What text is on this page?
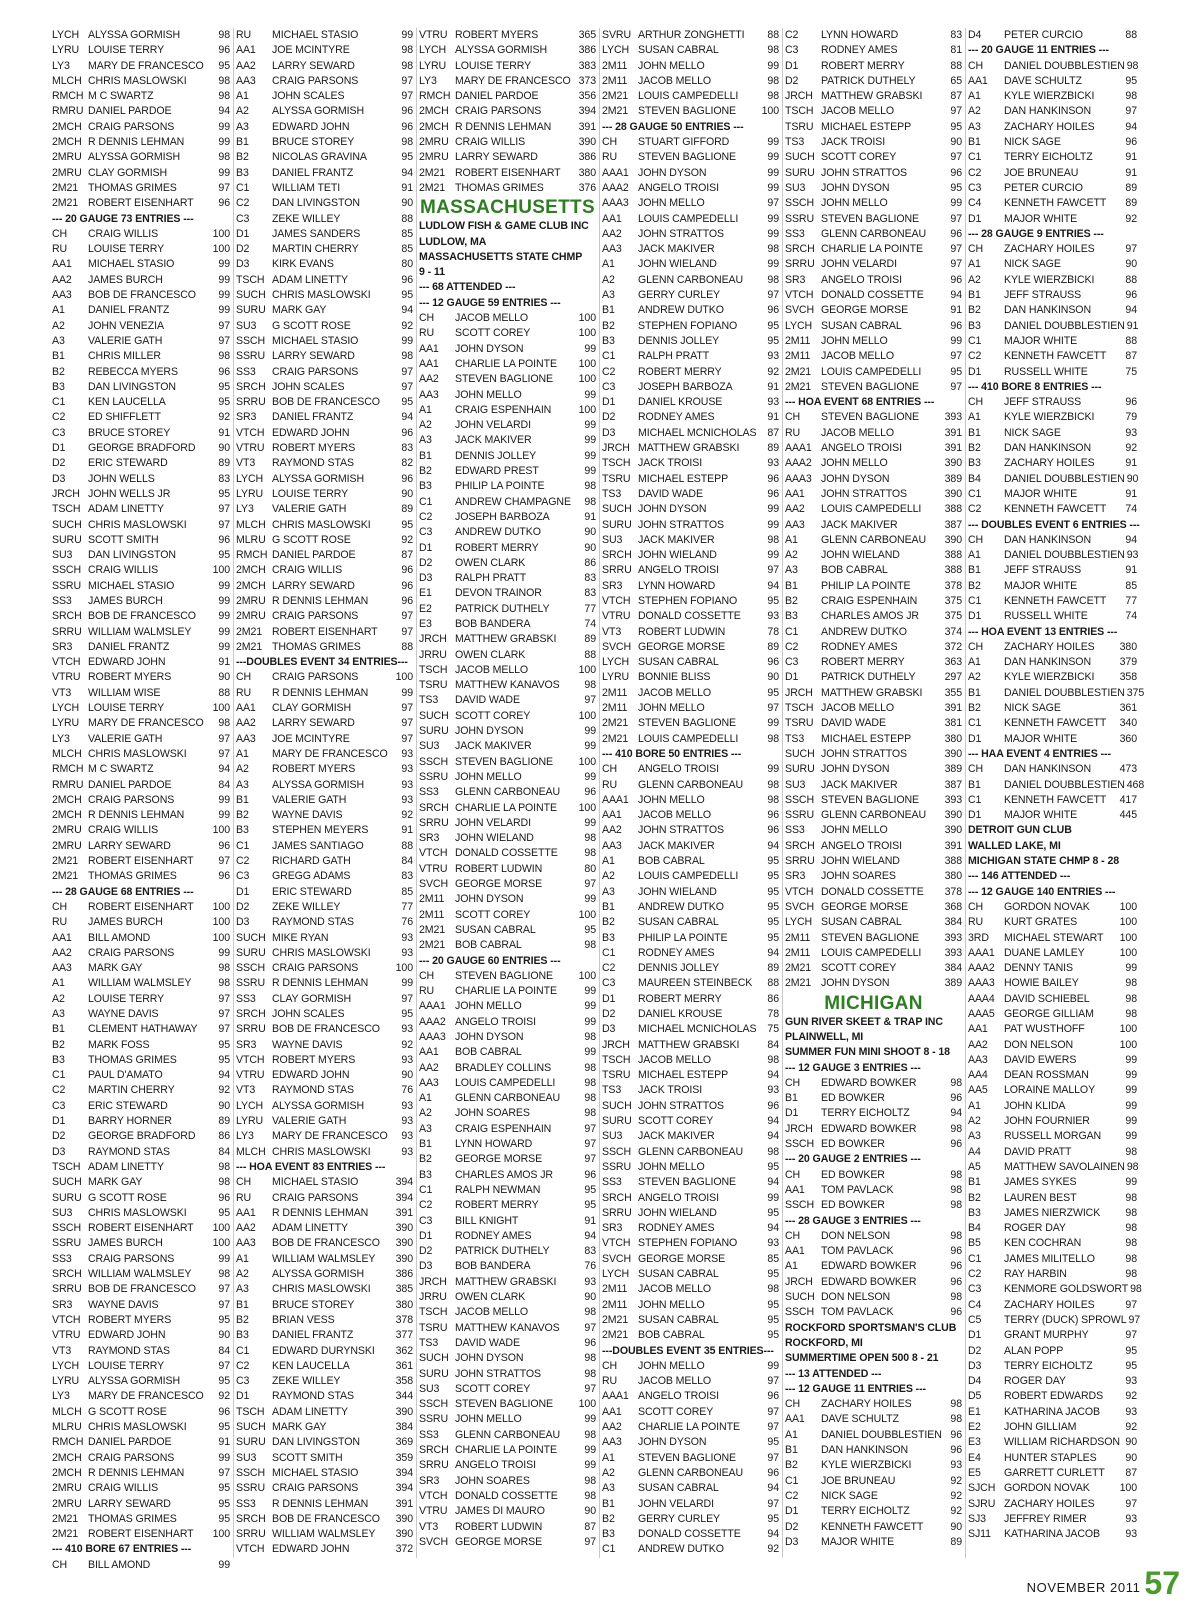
LYCH ALYSSA GORMISH	98
LYRU LOUISE TERRY	96
LY3	MARY DE FRANCESCO	95
MLCH CHRIS MASLOWSKI	98
RMCH M C SWARTZ	98
RMRU DANIEL PARDOE	94
2MCH CRAIG PARSONS	99
2MCH R DENNIS LEHMAN	99
2MRU ALYSSA GORMISH	98
2MRU CLAY GORMISH	99
2M21 THOMAS GRIMES	97
2M21 ROBERT EISENHART	96
--- 20 GAUGE 73 ENTRIES ---
CH	CRAIG WILLIS	100
RU	LOUISE TERRY	100
AA1	MICHAEL STASIO	99
AA2	JAMES BURCH	99
AA3	BOB DE FRANCESCO	99
A1	DANIEL FRANTZ	99
A2	JOHN VENEZIA	97
A3	VALERIE GATH	97
B1	CHRIS MILLER	98
B2	REBECCA MYERS	96
B3	DAN LIVINGSTON	95
C1	KEN LAUCELLA	95
C2	ED SHIFFLETT	92
C3	BRUCE STOREY	91
D1	GEORGE BRADFORD	90
D2	ERIC STEWARD	89
D3	JOHN WELLS	83
JRCH JOHN WELLS JR	95
TSCH ADAM LINETTY	97
SUCH CHRIS MASLOWSKI	97
SURU SCOTT SMITH	96
SU3	DAN LIVINGSTON	95
SSCH CRAIG WILLIS	100
SSRU MICHAEL STASIO	99
SS3	JAMES BURCH	99
SRCH BOB DE FRANCESCO	99
SRRU WILLIAM WALMSLEY	99
SR3	DANIEL FRANTZ	99
VTCH EDWARD JOHN	91
VTRU ROBERT MYERS	90
VT3	WILLIAM WISE	88
LYCH LOUISE TERRY	100
LYRU MARY DE FRANCESCO	98
LY3	VALERIE GATH	97
MLCH CHRIS MASLOWSKI	97
RMCH M C SWARTZ	94
RMRU DANIEL PARDOE	84
2MCH CRAIG PARSONS	99
2MCH R DENNIS LEHMAN	99
2MRU CRAIG WILLIS	100
2MRU LARRY SEWARD	96
2M21 ROBERT EISENHART	97
2M21 THOMAS GRIMES	96
--- 28 GAUGE 68 ENTRIES ---
CH	ROBERT EISENHART	100
RU	JAMES BURCH	100
AA1	BILL AMOND	100
AA2	CRAIG PARSONS	99
AA3	MARK GAY	98
A1	WILLIAM WALMSLEY	98
A2	LOUISE TERRY	97
A3	WAYNE DAVIS	97
B1	CLEMENT HATHAWAY	97
B2	MARK FOSS	95
B3	THOMAS GRIMES	95
C1	PAUL D'AMATO	94
C2	MARTIN CHERRY	92
C3	ERIC STEWARD	90
D1	BARRY HORNER	89
D2	GEORGE BRADFORD	86
D3	RAYMOND STAS	84
TSCH ADAM LINETTY	98
SUCH MARK GAY	98
SURU G SCOTT ROSE	96
SU3	CHRIS MASLOWSKI	95
SSCH ROBERT EISENHART	100
SSRU JAMES BURCH	100
SS3	CRAIG PARSONS	99
SRCH WILLIAM WALMSLEY	98
SRRU BOB DE FRANCESCO	97
SR3	WAYNE DAVIS	97
VTCH ROBERT MYERS	95
VTRU EDWARD JOHN	90
VT3	RAYMOND STAS	84
LYCH LOUISE TERRY	97
LYRU ALYSSA GORMISH	95
LY3	MARY DE FRANCESCO	92
MLCH G SCOTT ROSE	96
MLRU CHRIS MASLOWSKI	95
RMCH DANIEL PARDOE	91
2MCH CRAIG PARSONS	99
2MCH R DENNIS LEHMAN	97
2MRU CRAIG WILLIS	95
2MRU LARRY SEWARD	95
2M21 THOMAS GRIMES	95
2M21 ROBERT EISENHART	100
--- 410 BORE 67 ENTRIES ---
CH	BILL AMOND	99
RU	MICHAEL STASIO	99
AA1	JOE MCINTYRE	98
AA2	LARRY SEWARD	98
AA3	CRAIG PARSONS	97
A1	JOHN SCALES	97
A2	ALYSSA GORMISH	96
A3	EDWARD JOHN	96
B1	BRUCE STOREY	98
B2	NICOLAS GRAVINA	95
B3	DANIEL FRANTZ	94
C1	WILLIAM TETI	91
C2	DAN LIVINGSTON	90
C3	ZEKE WILLEY	88
D1	JAMES SANDERS	85
D2	MARTIN CHERRY	85
D3	KIRK EVANS	80
TSCH ADAM LINETTY	96
SUCH CHRIS MASLOWSKI	95
SURU MARK GAY	94
SU3	G SCOTT ROSE	92
SSCH MICHAEL STASIO	99
SSRU LARRY SEWARD	98
SS3	CRAIG PARSONS	97
SRCH JOHN SCALES	97
SRRU BOB DE FRANCESCO	95
SR3	DANIEL FRANTZ	94
VTCH EDWARD JOHN	96
VTRU ROBERT MYERS	83
VT3	RAYMOND STAS	82
LYCH ALYSSA GORMISH	96
LYRU LOUISE TERRY	90
LY3	VALERIE GATH	89
MLCH CHRIS MASLOWSKI	95
MLRU G SCOTT ROSE	92
RMCH DANIEL PARDOE	87
2MCH CRAIG WILLIS	96
2MCH LARRY SEWARD	96
2MRU R DENNIS LEHMAN	96
2MRU CRAIG PARSONS	97
2M21 ROBERT EISENHART	97
2M21 THOMAS GRIMES	88
---DOUBLES EVENT 34 ENTRIES---
CH	CRAIG PARSONS	100
RU	R DENNIS LEHMAN	99
AA1	CLAY GORMISH	97
AA2	LARRY SEWARD	97
AA3	JOE MCINTYRE	97
A1	MARY DE FRANCESCO	93
A2	ROBERT MYERS	93
A3	ALYSSA GORMISH	93
B1	VALERIE GATH	93
B2	WAYNE DAVIS	92
B3	STEPHEN MEYERS	91
C1	JAMES SANTIAGO	88
C2	RICHARD GATH	84
C3	GREGG ADAMS	83
D1	ERIC STEWARD	85
D2	ZEKE WILLEY	77
D3	RAYMOND STAS	76
SUCH MIKE RYAN	93
SURU CHRIS MASLOWSKI	93
SSCH CRAIG PARSONS	100
SSRU R DENNIS LEHMAN	99
SS3	CLAY GORMISH	97
SRCH JOHN SCALES	95
SRRU BOB DE FRANCESCO	93
SR3	WAYNE DAVIS	92
VTCH ROBERT MYERS	93
VTRU EDWARD JOHN	90
VT3	RAYMOND STAS	76
LYCH ALYSSA GORMISH	93
LYRU VALERIE GATH	93
LY3	MARY DE FRANCESCO	93
MLCH CHRIS MASLOWSKI	93
--- HOA EVENT 83 ENTRIES ---
CH	MICHAEL STASIO	394
RU	CRAIG PARSONS	394
AA1	R DENNIS LEHMAN	391
AA2	ADAM LINETTY	390
AA3	BOB DE FRANCESCO	390
A1	WILLIAM WALMSLEY	390
A2	ALYSSA GORMISH	386
A3	CHRIS MASLOWSKI	385
B1	BRUCE STOREY	380
B2	BRIAN VESS	378
B3	DANIEL FRANTZ	377
C1	EDWARD DURYNSKI	362
C2	KEN LAUCELLA	361
C3	ZEKE WILLEY	358
D1	RAYMOND STAS	344
TSCH ADAM LINETTY	390
SUCH MARK GAY	384
SURU DAN LIVINGSTON	369
SU3	SCOTT SMITH	359
SSCH MICHAEL STASIO	394
SSRU CRAIG PARSONS	394
SS3	R DENNIS LEHMAN	391
SRCH BOB DE FRANCESCO	390
SRRU WILLIAM WALMSLEY	390
VTCH EDWARD JOHN	372
VTRU ROBERT MYERS	365
LYCH ALYSSA GORMISH	386
LYRU LOUISE TERRY	383
LY3	MARY DE FRANCESCO 373
RMCH DANIEL PARDOE	356
2MCH CRAIG PARSONS	394
2MCH R DENNIS LEHMAN	391
2MRU CRAIG WILLIS	390
2MRU LARRY SEWARD	386
2M21 ROBERT EISENHART	380
2M21 THOMAS GRIMES	376
MASSACHUSETTS
LUDLOW FISH & GAME CLUB INC
LUDLOW, MA
MASSACHUSETTS STATE CHMP
9 - 11
--- 68 ATTENDED ---
--- 12 GAUGE 59 ENTRIES ---
CH	JACOB MELLO	100
RU	SCOTT COREY	100
AA1	JOHN DYSON	99
AA1	CHARLIE LA POINTE	100
AA2	STEVEN BAGLIONE	100
AA3	JOHN MELLO	99
A1	CRAIG ESPENHAIN	100
A2	JOHN VELARDI	99
A3	JACK MAKIVER	99
B1	DENNIS JOLLEY	99
B2	EDWARD PREST	99
B3	PHILIP LA POINTE	98
C1	ANDREW CHAMPAGNE	98
C2	JOSEPH BARBOZA	91
C3	ANDREW DUTKO	90
D1	ROBERT MERRY	90
D2	OWEN CLARK	86
D3	RALPH PRATT	83
E1	DEVON TRAINOR	83
E2	PATRICK DUTHELY	77
E3	BOB BANDERA	74
JRCH MATTHEW GRABSKI	89
JRRU OWEN CLARK	88
TSCH JACOB MELLO	100
TSRU MATTHEW KANAVOS	98
TS3	DAVID WADE	97
SUCH SCOTT COREY	100
SURU JOHN DYSON	99
SU3	JACK MAKIVER	99
SSCH STEVEN BAGLIONE	100
SSRU JOHN MELLO	99
SS3	GLENN CARBONEAU	96
SRCH CHARLIE LA POINTE	100
SRRU JOHN VELARDI	99
SR3	JOHN WIELAND	98
VTCH DONALD COSSETTE	98
VTRU ROBERT LUDWIN	80
SVCH GEORGE MORSE	97
2M11	JOHN DYSON	99
2M11	SCOTT COREY	100
2M21 SUSAN CABRAL	95
2M21 BOB CABRAL	98
--- 20 GAUGE 60 ENTRIES ---
CH	STEVEN BAGLIONE	100
RU	CHARLIE LA POINTE	99
AAA1 JOHN MELLO	99
AAA2 ANGELO TROISI	99
AAA3 JOHN DYSON	98
AA1	BOB CABRAL	99
AA2	BRADLEY COLLINS	98
AA3	LOUIS CAMPEDELLI	98
A1	GLENN CARBONEAU	98
A2	JOHN SOARES	98
A3	CRAIG ESPENHAIN	97
B1	LYNN HOWARD	97
B2	GEORGE MORSE	97
B3	CHARLES AMOS JR	96
C1	RALPH NEWMAN	95
C2	ROBERT MERRY	95
C3	BILL KNIGHT	91
D1	RODNEY AMES	94
D2	PATRICK DUTHELY	83
D3	BOB BANDERA	76
JRCH MATTHEW GRABSKI	93
JRRU OWEN CLARK	90
TSCH JACOB MELLO	98
TSRU MATTHEW KANAVOS	97
TS3	DAVID WADE	96
SUCH JOHN DYSON	98
SURU JOHN STRATTOS	98
SU3	SCOTT COREY	97
SSCH STEVEN BAGLIONE	100
SSRU JOHN MELLO	99
SS3	GLENN CARBONEAU	98
SRCH CHARLIE LA POINTE	99
SRRU ANGELO TROISI	99
SR3	JOHN SOARES	98
VTCH DONALD COSSETTE	98
VTRU JAMES DI MAURO	90
VT3	ROBERT LUDWIN	87
SVCH GEORGE MORSE	97
SVRU ARTHUR ZONGHETTI	88
LYCH SUSAN CABRAL	98
2M11	JOHN MELLO	99
2M11	JACOB MELLO	98
2M21 LOUIS CAMPEDELLI	98
2M21 STEVEN BAGLIONE	100
--- 28 GAUGE 50 ENTRIES ---
CH	STUART GIFFORD	99
RU	STEVEN BAGLIONE	99
AAA1 JOHN DYSON	99
AAA2 ANGELO TROISI	99
AAA3 JOHN MELLO	97
AA1	LOUIS CAMPEDELLI	99
AA2	JOHN STRATTOS	99
AA3	JACK MAKIVER	98
A1	JOHN WIELAND	99
A2	GLENN CARBONEAU	98
A3	GERRY CURLEY	97
B1	ANDREW DUTKO	96
B2	STEPHEN FOPIANO	95
B3	DENNIS JOLLEY	95
C1	RALPH PRATT	93
C2	ROBERT MERRY	92
C3	JOSEPH BARBOZA	91
D1	DANIEL KROUSE	93
D2	RODNEY AMES	91
D3	MICHAEL MCNICHOLAS	87
JRCH MATTHEW GRABSKI	89
TSCH JACK TROISI	93
TSRU MICHAEL ESTEPP	96
TS3	DAVID WADE	96
SUCH JOHN DYSON	99
SURU JOHN STRATTOS	99
SU3	JACK MAKIVER	98
SRCH JOHN WIELAND	99
SRRU ANGELO TROISI	97
SR3	LYNN HOWARD	94
VTCH STEPHEN FOPIANO	95
VTRU DONALD COSSETTE	93
VT3	ROBERT LUDWIN	78
SVCH GEORGE MORSE	89
LYCH SUSAN CABRAL	96
LYRU BONNIE BLISS	90
2M11	JACOB MELLO	95
2M11	JOHN MELLO	97
2M21 STEVEN BAGLIONE	99
2M21 LOUIS CAMPEDELLI	98
--- 410 BORE 50 ENTRIES ---
CH	ANGELO TROISI	99
RU	GLENN CARBONEAU	98
AAA1 JOHN MELLO	98
AA1	JACOB MELLO	96
AA2	JOHN STRATTOS	96
AA3	JACK MAKIVER	94
A1	BOB CABRAL	95
A2	LOUIS CAMPEDELLI	95
A3	JOHN WIELAND	95
B1	ANDREW DUTKO	95
B2	SUSAN CABRAL	95
B3	PHILIP LA POINTE	95
C1	RODNEY AMES	94
C2	DENNIS JOLLEY	89
C3	MAUREEN STEINBECK	88
D1	ROBERT MERRY	86
D2	DANIEL KROUSE	78
D3	MICHAEL MCNICHOLAS	75
JRCH MATTHEW GRABSKI	84
TSCH JACOB MELLO	98
TSRU MICHAEL ESTEPP	94
TS3	JACK TROISI	93
SUCH JOHN STRATTOS	96
SURU SCOTT COREY	94
SU3	JACK MAKIVER	94
SSCH GLENN CARBONEAU	98
SSRU JOHN MELLO	95
SS3	STEVEN BAGLIONE	94
SRCH ANGELO TROISI	99
SRRU JOHN WIELAND	95
SR3	RODNEY AMES	94
VTCH STEPHEN FOPIANO	93
SVCH GEORGE MORSE	85
LYCH SUSAN CABRAL	95
2M11	JACOB MELLO	98
2M11	JOHN MELLO	95
2M21 SUSAN CABRAL	95
2M21 BOB CABRAL	95
---DOUBLES EVENT 35 ENTRIES---
CH	JOHN MELLO	99
RU	JACOB MELLO	97
AAA1 ANGELO TROISI	96
AA1	SCOTT COREY	97
AA2	CHARLIE LA POINTE	97
AA3	JOHN DYSON	95
A1	STEVEN BAGLIONE	97
A2	GLENN CARBONEAU	96
A3	SUSAN CABRAL	94
B1	JOHN VELARDI	97
B2	GERRY CURLEY	95
B3	DONALD COSSETTE	94
C1	ANDREW DUTKO	92
C2	LYNN HOWARD	83
C3	RODNEY AMES	81
D1	ROBERT MERRY	88
D2	PATRICK DUTHELY	65
JRCH MATTHEW GRABSKI	87
TSCH JACOB MELLO	97
TSRU MICHAEL ESTEPP	95
TS3	JACK TROISI	90
SUCH SCOTT COREY	97
SURU JOHN STRATTOS	96
SU3	JOHN DYSON	95
SSCH JOHN MELLO	99
SSRU STEVEN BAGLIONE	97
SS3	GLENN CARBONEAU	96
SRCH CHARLIE LA POINTE	97
SRRU JOHN VELARDI	97
SR3	ANGELO TROISI	96
VTCH DONALD COSSETTE	94
SVCH GEORGE MORSE	91
LYCH SUSAN CABRAL	96
2M11	JOHN MELLO	99
2M11	JACOB MELLO	97
2M21 LOUIS CAMPEDELLI	95
2M21 STEVEN BAGLIONE	97
--- HOA EVENT 68 ENTRIES ---
CH	STEVEN BAGLIONE	393
RU	JACOB MELLO	391
AAA1 ANGELO TROISI	391
AAA2 JOHN MELLO	390
AAA3 JOHN DYSON	389
AA1	JOHN STRATTOS	390
AA2	LOUIS CAMPEDELLI	388
AA3	JACK MAKIVER	387
A1	GLENN CARBONEAU	390
A2	JOHN WIELAND	388
A3	BOB CABRAL	388
B1	PHILIP LA POINTE	378
B2	CRAIG ESPENHAIN	375
B3	CHARLES AMOS JR	375
C1	ANDREW DUTKO	374
C2	RODNEY AMES	372
C3	ROBERT MERRY	363
D1	PATRICK DUTHELY	297
JRCH MATTHEW GRABSKI	355
TSCH JACOB MELLO	391
TSRU DAVID WADE	381
TS3	MICHAEL ESTEPP	380
SUCH JOHN STRATTOS	390
SURU JOHN DYSON	389
SU3	JACK MAKIVER	387
SSCH STEVEN BAGLIONE	393
SSRU GLENN CARBONEAU	390
SS3	JOHN MELLO	390
SRCH ANGELO TROISI	391
SRRU JOHN WIELAND	388
SR3	JOHN SOARES	380
VTCH DONALD COSSETTE	378
SVCH GEORGE MORSE	368
LYCH SUSAN CABRAL	384
2M11	STEVEN BAGLIONE	393
2M11	LOUIS CAMPEDELLI	393
2M21 SCOTT COREY	384
2M21 JOHN DYSON	389
MICHIGAN
GUN RIVER SKEET & TRAP INC
PLAINWELL, MI
SUMMER FUN MINI SHOOT 8 - 18
--- 12 GAUGE 3 ENTRIES ---
CH	EDWARD BOWKER	98
B1	ED BOWKER	96
D1	TERRY EICHOLTZ	94
JRCH EDWARD BOWKER	98
SSCH ED BOWKER	96
--- 20 GAUGE 2 ENTRIES ---
CH	ED BOWKER	98
AA1	TOM PAVLACK	98
SSCH ED BOWKER	98
--- 28 GAUGE 3 ENTRIES ---
CH	DON NELSON	98
AA1	TOM PAVLACK	96
A1	EDWARD BOWKER	96
JRCH EDWARD BOWKER	96
SUCH DON NELSON	98
SSCH TOM PAVLACK	96
ROCKFORD SPORTSMAN'S CLUB
ROCKFORD, MI
SUMMERTIME OPEN 500 8 - 21
--- 13 ATTENDED ---
--- 12 GAUGE 11 ENTRIES ---
CH	ZACHARY HOILES	98
AA1	DAVE SCHULTZ	98
A1	DANIEL DOUBBLESTIEN 96
B1	DAN HANKINSON	96
B2	KYLE WIERZBICKI	93
C1	JOE BRUNEAU	92
C2	NICK SAGE	92
D1	TERRY EICHOLTZ	92
D2	KENNETH FAWCETT	90
D3	MAJOR WHITE	89
D4	PETER CURCIO	88
--- 20 GAUGE 11 ENTRIES ---
CH	DANIEL DOUBBLESTIEN 98
AA1	DAVE SCHULTZ	95
A1	KYLE WIERZBICKI	98
A2	DAN HANKINSON	97
A3	ZACHARY HOILES	94
B1	NICK SAGE	96
C1	TERRY EICHOLTZ	91
C2	JOE BRUNEAU	91
C3	PETER CURCIO	89
C4	KENNETH FAWCETT	89
D1	MAJOR WHITE	92
--- 28 GAUGE 9 ENTRIES ---
CH	ZACHARY HOILES	97
A1	NICK SAGE	90
A2	KYLE WIERZBICKI	88
B1	JEFF STRAUSS	96
B2	DAN HANKINSON	94
B3	DANIEL DOUBBLESTIEN 91
C1	MAJOR WHITE	88
C2	KENNETH FAWCETT	87
D1	RUSSELL WHITE	75
--- 410 BORE 8 ENTRIES ---
CH	JEFF STRAUSS	96
A1	KYLE WIERZBICKI	79
B1	NICK SAGE	93
B2	DAN HANKINSON	92
B3	ZACHARY HOILES	91
B4	DANIEL DOUBBLESTIEN 90
C1	MAJOR WHITE	91
C2	KENNETH FAWCETT	74
--- DOUBLES EVENT 6 ENTRIES ---
CH	DAN HANKINSON	94
A1	DANIEL DOUBBLESTIEN 93
B1	JEFF STRAUSS	91
B2	MAJOR WHITE	85
C1	KENNETH FAWCETT	77
D1	RUSSELL WHITE	74
--- HOA EVENT 13 ENTRIES ---
CH	ZACHARY HOILES	380
A1	DAN HANKINSON	379
A2	KYLE WIERZBICKI	358
B1	DANIEL DOUBBLESTIEN 375
B2	NICK SAGE	361
C1	KENNETH FAWCETT	340
D1	MAJOR WHITE	360
--- HAA EVENT 4 ENTRIES ---
CH	DAN HANKINSON	473
B1	DANIEL DOUBBLESTIEN 468
C1	KENNETH FAWCETT	417
D1	MAJOR WHITE	445
DETROIT GUN CLUB
WALLED LAKE, MI
MICHIGAN STATE CHMP 8 - 28
--- 146 ATTENDED ---
--- 12 GAUGE 140 ENTRIES ---
CH	GORDON NOVAK	100
RU	KURT GRATES	100
3RD	MICHAEL STEWART	100
AAA1 DUANE LAMLEY	100
AAA2 DENNY TANIS	99
AAA3 HOWIE BAILEY	98
AAA4 DAVID SCHIEBEL	98
AAA5 GEORGE GILLIAM	98
AA1	PAT WUSTHOFF	100
AA2	DON NELSON	100
AA3	DAVID EWERS	99
AA4	DEAN ROSSMAN	99
AA5	LORAINE MALLOY	99
A1	JOHN KLIDA	99
A2	JOHN FOURNIER	99
A3	RUSSELL MORGAN	99
A4	DAVID PRATT	98
A5	MATTHEW SAVOLAINEN 98
B1	JAMES SYKES	99
B2	LAUREN BEST	98
B3	JAMES NIERZWICK	98
B4	ROGER DAY	98
B5	KEN COCHRAN	98
C1	JAMES MILITELLO	98
C2	RAY HARBIN	98
C3	KENMORE GOLDSWORT 98
C4	ZACHARY HOILES	97
C5	TERRY (DUCK) SPROWL 97
D1	GRANT MURPHY	97
D2	ALAN POPP	95
D3	TERRY EICHOLTZ	95
D4	ROGER DAY	93
D5	ROBERT EDWARDS	92
E1	KATHARINA JACOB	93
E2	JOHN GILLIAM	92
E3	WILLIAM RICHARDSON 90
E4	HUNTER STAPLES	90
E5	GARRETT CURLETT	87
SJCH GORDON NOVAK	100
SJRU ZACHARY HOILES	97
SJ3	JEFFREY RIMER	93
SJ11	KATHARINA JACOB	93
NOVEMBER 2011 57
